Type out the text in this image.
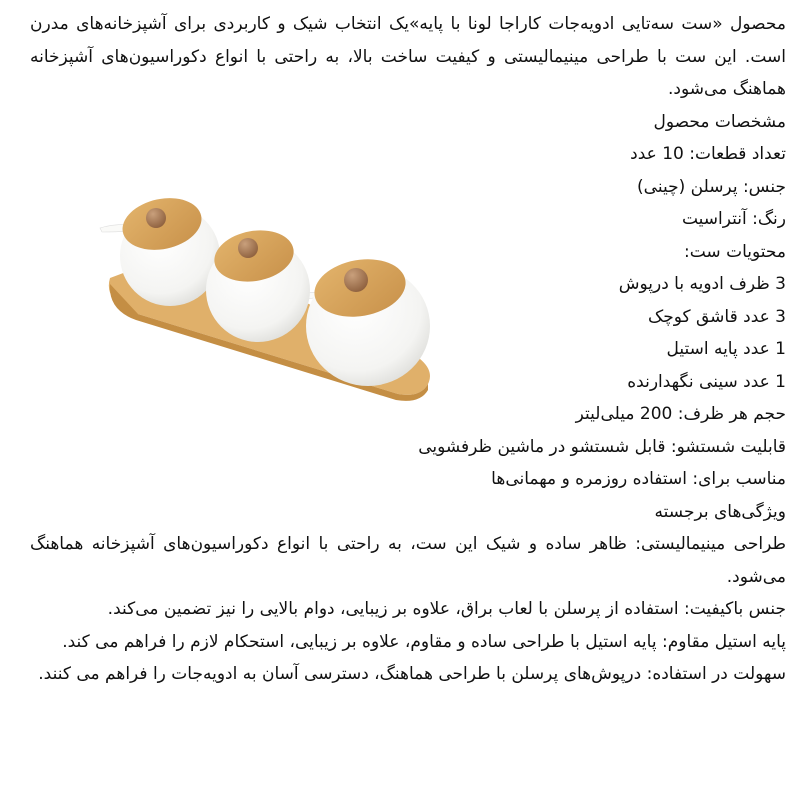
محصول «ست سه‌تایی ادویه‌جات کاراجا لونا با پایه»یک انتخاب شیک و کاربردی برای آشپزخانه‌های مدرن است. این ست با طراحی مینیمالیستی و کیفیت ساخت بالا، به راحتی با انواع دکوراسیون‌های آشپزخانه هماهنگ می‌شود.

مشخصات محصول

تعداد قطعات: 10 عدد

جنس: پرسلن (چینی)

رنگ: آنتراسیت

محتویات ست:

3 ظرف ادویه با درپوش

3 عدد قاشق کوچک

1 عدد پایه استیل

1 عدد سینی نگهدارنده

حجم هر ظرف: 200 میلی‌لیتر

قابلیت شستشو: قابل شستشو در ماشین ظرفشویی

مناسب برای: استفاده روزمره و مهمانی‌ها

ویژگی‌های برجسته

طراحی مینیمالیستی: ظاهر ساده و شیک این ست، به راحتی با انواع دکوراسیون‌های آشپزخانه هماهنگ می‌شود.

جنس باکیفیت: استفاده از پرسلن با لعاب براق، علاوه بر زیبایی، دوام بالایی را نیز تضمین می‌کند.

پایه استیل مقاوم: پایه استیل با طراحی ساده و مقاوم، علاوه بر زیبایی، استحکام لازم را فراهم می کند.

سهولت در استفاده: درپوش‌های پرسلن با طراحی هماهنگ، دسترسی آسان به ادویه‌جات را فراهم می کنند.
